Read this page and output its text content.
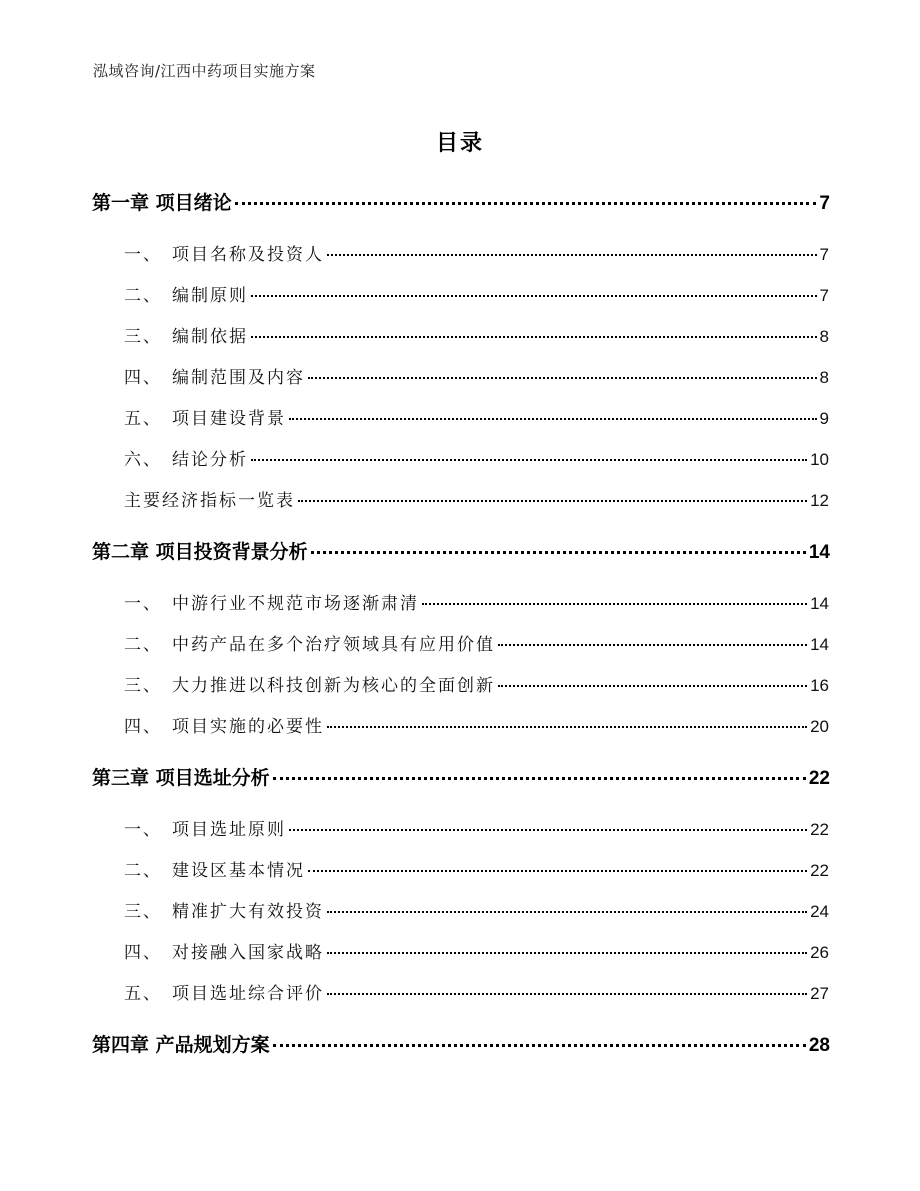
泓域咨询/江西中药项目实施方案
目录
第一章 项目绪论	7
一、 项目名称及投资人	7
二、 编制原则	7
三、 编制依据	8
四、 编制范围及内容	8
五、 项目建设背景	9
六、 结论分析	10
主要经济指标一览表	12
第二章 项目投资背景分析	14
一、 中游行业不规范市场逐渐肃清	14
二、 中药产品在多个治疗领域具有应用价值	14
三、 大力推进以科技创新为核心的全面创新	16
四、 项目实施的必要性	20
第三章 项目选址分析	22
一、 项目选址原则	22
二、 建设区基本情况	22
三、 精准扩大有效投资	24
四、 对接融入国家战略	26
五、 项目选址综合评价	27
第四章 产品规划方案	28
